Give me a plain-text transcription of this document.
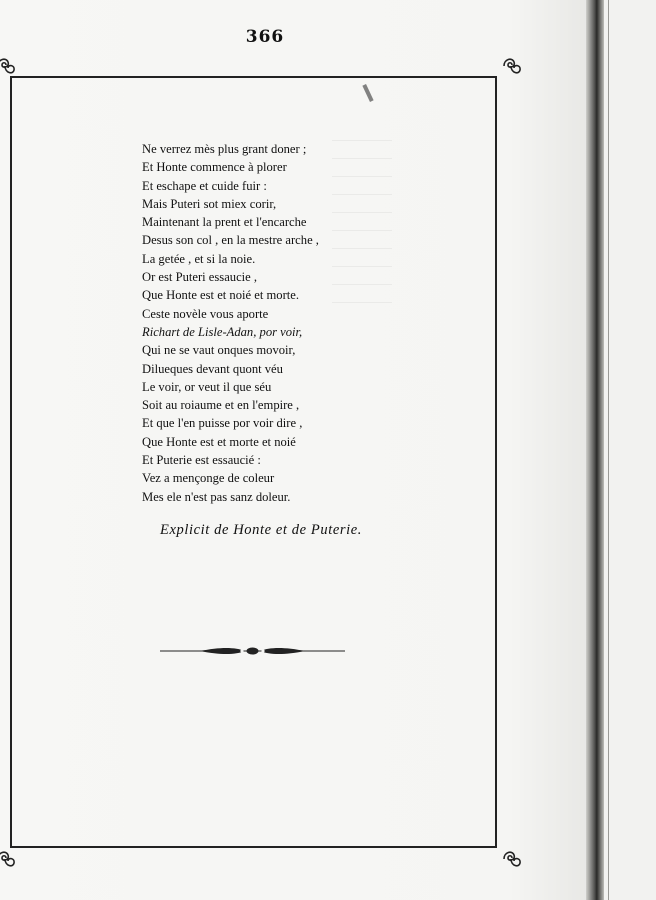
366
Ne verrez mès plus grant doner ;
Et Honte commence à plorer
Et eschape et cuide fuir :
Mais Puteri sot miex corir,
Maintenant la prent et l'encarche
Desus son col , en la mestre arche ,
La getée , et si la noie.
Or est Puteri essaucie ,
Que Honte est et noié et morte.
Ceste novèle vous aporte
Richart de Lisle-Adan, por voir,
Qui ne se vaut onques movoir,
Dilueques devant quont véu
Le voir, or veut il que séu
Soit au roiaume et en l'empire ,
Et que l'en puisse por voir dire ,
Que Honte est et morte et noié
Et Puterie est essaucié :
Vez a mençonge de coleur
Mes ele n'est pas sanz doleur.
Explicit de Honte et de Puterie.
